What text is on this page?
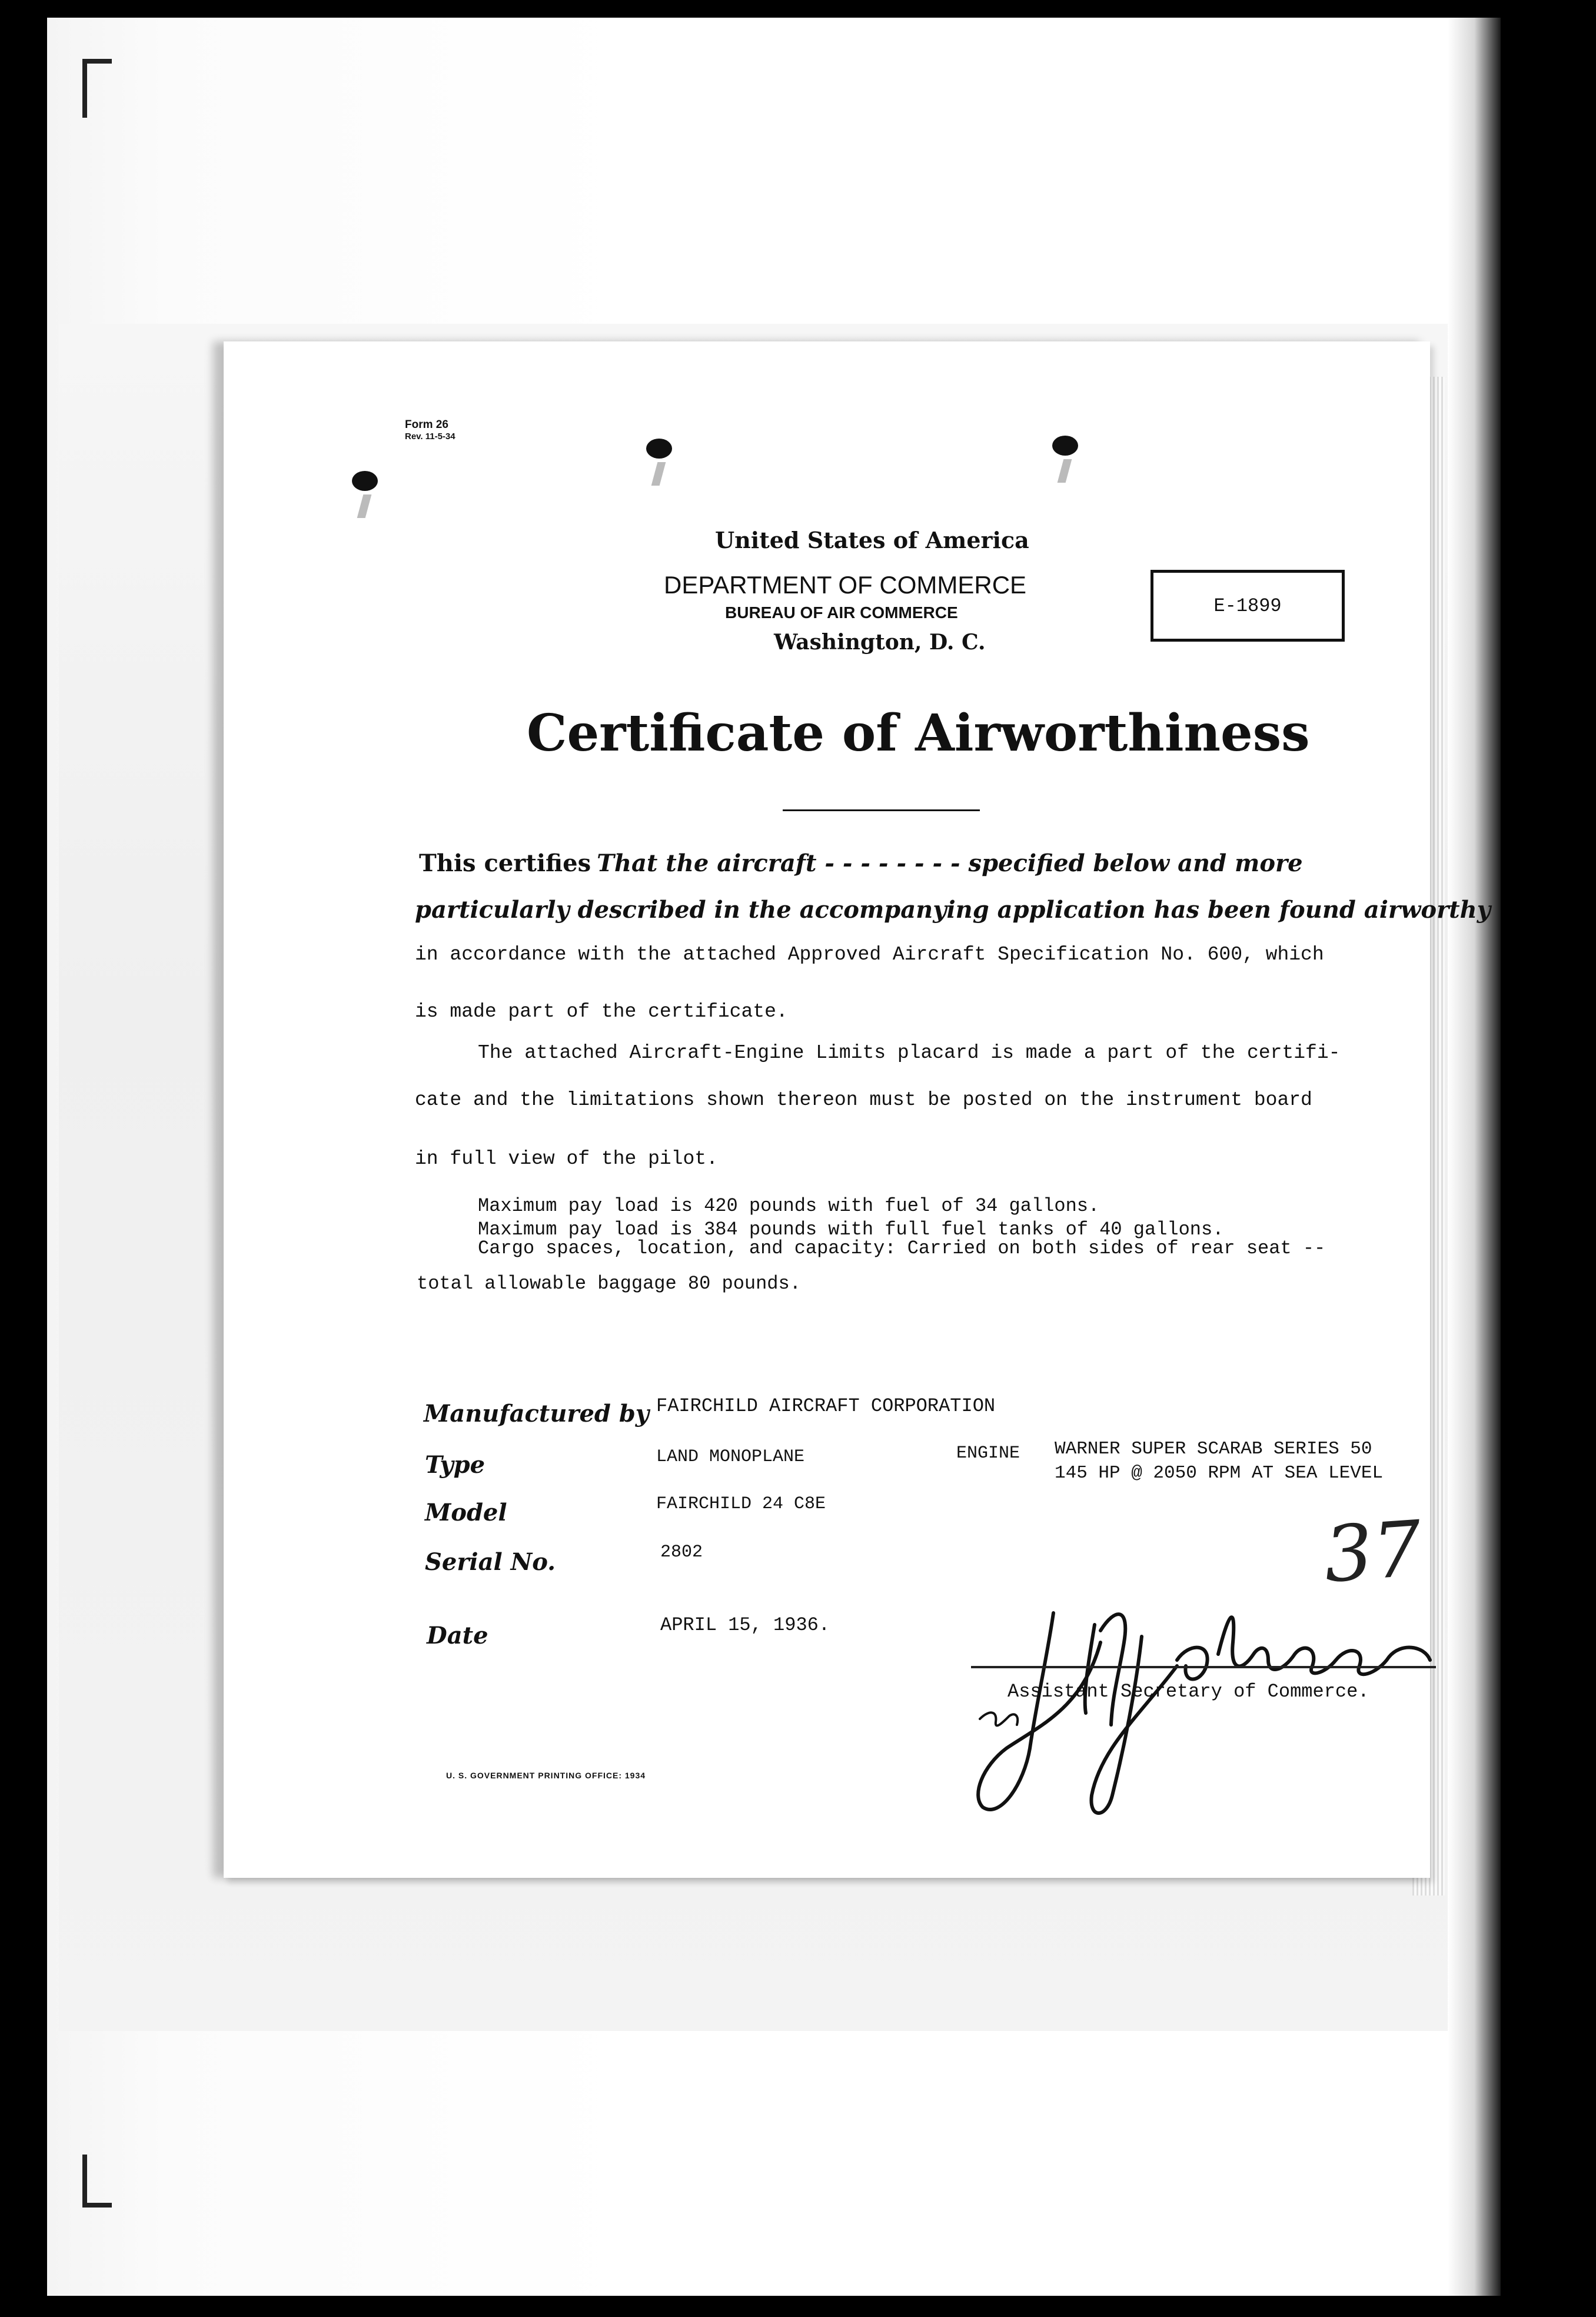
Form 26
Rev. 11-5-34
United States of America
DEPARTMENT OF COMMERCE
BUREAU OF AIR COMMERCE
Washington, D. C.
E-1899
Certificate of Airworthiness
This certifies That the aircraft - - - - - - - - specified below and more
particularly described in the accompanying application has been found airworthy
in accordance with the attached Approved Aircraft Specification No. 600, which
is made part of the certificate.
The attached Aircraft-Engine Limits placard is made a part of the certifi-
cate and the limitations shown thereon must be posted on the instrument board
in full view of the pilot.
Maximum pay load is 420 pounds with fuel of 34 gallons.
Maximum pay load is 384 pounds with full fuel tanks of 40 gallons.
Cargo spaces, location, and capacity: Carried on both sides of rear seat --
total allowable baggage 80 pounds.
Manufactured by FAIRCHILD AIRCRAFT CORPORATION
Type	LAND MONOPLANE	ENGINE WARNER SUPER SCARAB SERIES 50
145 HP @ 2050 RPM AT SEA LEVEL
Model	FAIRCHILD 24 C8E
Serial No.	2802
Date	APRIL 15, 1936.
37
Assistant Secretary of Commerce.
U. S. GOVERNMENT PRINTING OFFICE: 1934
